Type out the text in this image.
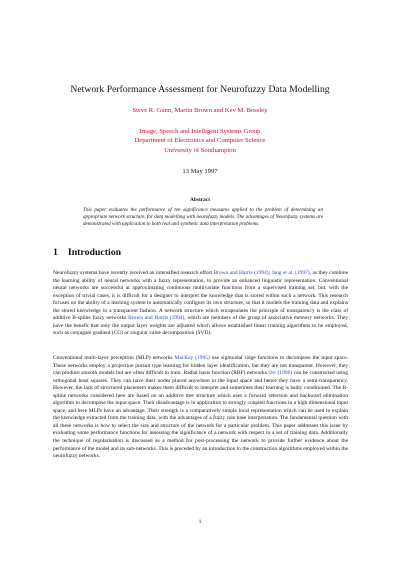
Network Performance Assessment for Neurofuzzy Data Modelling
Steve R. Gunn, Martin Brown and Kev M. Bossley
Image, Speech and Intelligent Systems Group
Department of Electronics and Computer Science
University of Southampton
13 May 1997
Abstract
This paper evaluates the performance of ten significance measures applied to the problem of determining an appropriate network structure, for data modelling with neurofuzzy models. The advantages of Neurofuzzy systems are demonstrated with application to both real and synthetic data interpretation problems.
1 Introduction
Neurofuzzy systems have recently received an intensified research effort Brown and Harris (1994); Jang et al. (1997), as they combine the learning ability of neural networks with a fuzzy representation, to provide an enhanced linguistic representation. Conventional neural networks are successful at approximating continuous multivariate functions from a supervised training set, but, with the exception of trivial cases, it is difficult for a designer to interpret the knowledge that is stored within such a network. This research focuses on the ability of a learning system to automatically configure its own structure, so that it models the training data and explains the stored knowledge in a transparent fashion. A network structure which encapsulates the principle of transparency is the class of additive B-spline fuzzy networks Brown and Harris (1994), which are members of the group of associative memory networks. They have the benefit that only the output layer weights are adjusted which allows established linear training algorithms to be employed, such as conjugate gradient (CG) or singular value decomposition (SVD).
Conventional multi-layer perceptron (MLP) networks MacKay (1995) use sigmoidal ridge functions to decompose the input space. These networks employ a projection pursuit type learning for hidden layer identification, but they are not transparent. However, they can produce smooth models but are often difficult to train. Radial basis function (RBF) networks Orr (1996) can be constructed using orthogonal least squares. They can have their nodes placed anywhere in the input space and hence they have a semi-transparency. However, the lack of structured placement makes them difficult to interpret and sometimes their learning is badly conditioned. The B-spline networks considered here are based on an additive tree structure which uses a forward selection and backward elimination algorithm to decompose the input space. Their disadvantage is in application to strongly coupled functions in a high dimensional input space, and here MLPs have an advantage. Their strength is a comparatively simple local representation which can be used to explain the knowledge extracted from the training data, with the advantages of a fuzzy rule base interpretation. The fundamental question with all these networks is how to select the size and structure of the network for a particular problem. This paper addresses this issue by evaluating some performance functions for assessing the significance of a network with respect to a set of training data. Additionally the technique of regularisation is discussed as a method for post-processing the network to provide further evidence about the performance of the model and its sub-networks. This is preceded by an introduction to the construction algorithms employed within the neurofuzzy networks.
1
